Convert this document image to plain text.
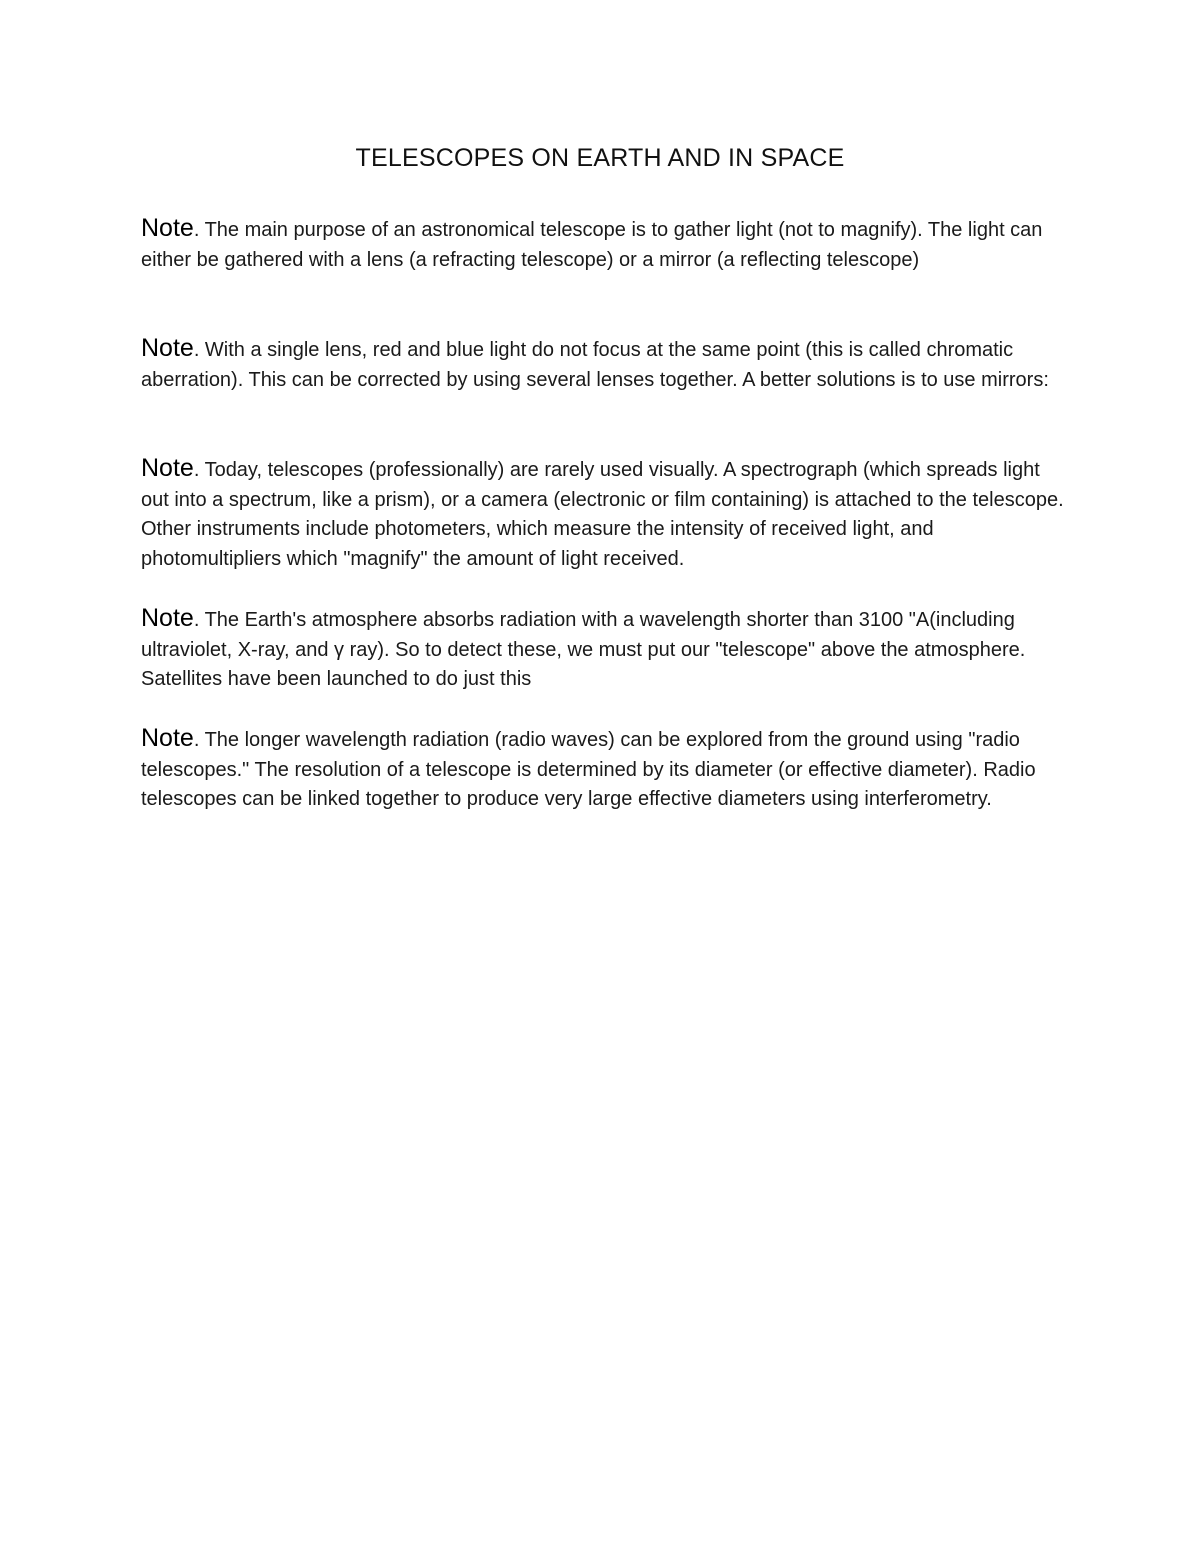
TELESCOPES ON EARTH AND IN SPACE

Note. The main purpose of an astronomical telescope is to gather light (not to magnify). The light can either be gathered with a lens (a refracting telescope) or a mirror (a reflecting telescope)

Note. With a single lens, red and blue light do not focus at the same point (this is called chromatic aberration). This can be corrected by using several lenses together. A better solutions is to use mirrors:

Note. Today, telescopes (professionally) are rarely used visually. A spectrograph (which spreads light out into a spectrum, like a prism), or a camera (electronic or film containing) is attached to the telescope. Other instruments include photometers, which measure the intensity of received light, and photomultipliers which "magnify" the amount of light received.

Note. The Earth's atmosphere absorbs radiation with a wavelength shorter than 3100 "A(including ultraviolet, X-ray, and γ ray). So to detect these, we must put our "telescope" above the atmosphere. Satellites have been launched to do just this

Note. The longer wavelength radiation (radio waves) can be explored from the ground using "radio telescopes." The resolution of a telescope is determined by its diameter (or effective diameter). Radio telescopes can be linked together to produce very large effective diameters using interferometry.
